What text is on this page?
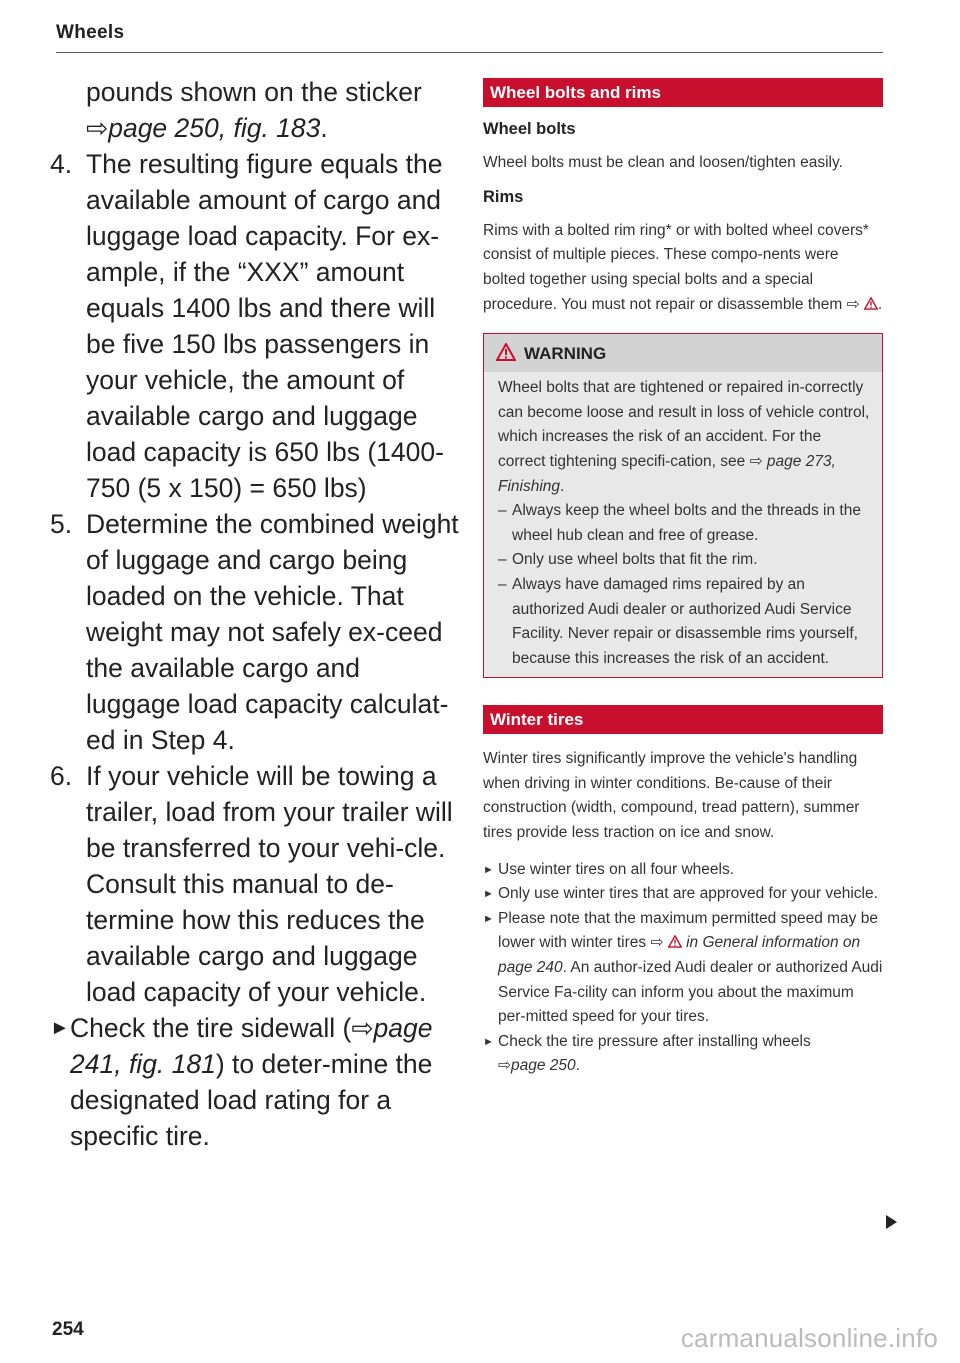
Wheels
pounds shown on the sticker
⇨page 250, fig. 183.
4. The resulting figure equals the available amount of cargo and luggage load capacity. For ex-ample, if the “XXX” amount equals 1400 lbs and there will be five 150 lbs passengers in your vehicle, the amount of available cargo and luggage load capacity is 650 lbs (1400-750 (5 x 150) = 650 lbs)
5. Determine the combined weight of luggage and cargo being loaded on the vehicle. That weight may not safely ex-ceed the available cargo and luggage load capacity calculat-ed in Step 4.
6. If your vehicle will be towing a trailer, load from your trailer will be transferred to your vehi-cle. Consult this manual to de-termine how this reduces the available cargo and luggage load capacity of your vehicle.
► Check the tire sidewall (⇨page 241, fig. 181) to deter-mine the designated load rating for a specific tire.
Wheel bolts and rims
Wheel bolts

Wheel bolts must be clean and loosen/tighten easily.

Rims

Rims with a bolted rim ring* or with bolted wheel covers* consist of multiple pieces. These compo-nents were bolted together using special bolts and a special procedure. You must not repair or disassemble them ⇨ .

WARNING

Wheel bolts that are tightened or repaired in-correctly can become loose and result in loss of vehicle control, which increases the risk of an accident. For the correct tightening specifi-cation, see ⇨ page 273, Finishing.

– Always keep the wheel bolts and the threads in the wheel hub clean and free of grease.
– Only use wheel bolts that fit the rim.
– Always have damaged rims repaired by an authorized Audi dealer or authorized Audi Service Facility. Never repair or disassemble rims yourself, because this increases the risk of an accident.
Winter tires

Winter tires significantly improve the vehicle's handling when driving in winter conditions. Be-cause of their construction (width, compound, tread pattern), summer tires provide less traction on ice and snow.

► Use winter tires on all four wheels.
► Only use winter tires that are approved for your vehicle.
► Please note that the maximum permitted speed may be lower with winter tires ⇨ in General information on page 240. An author-ized Audi dealer or authorized Audi Service Fa-cility can inform you about the maximum per-mitted speed for your tires.
► Check the tire pressure after installing wheels
⇨page 250.
254	carmanualsonline.info
